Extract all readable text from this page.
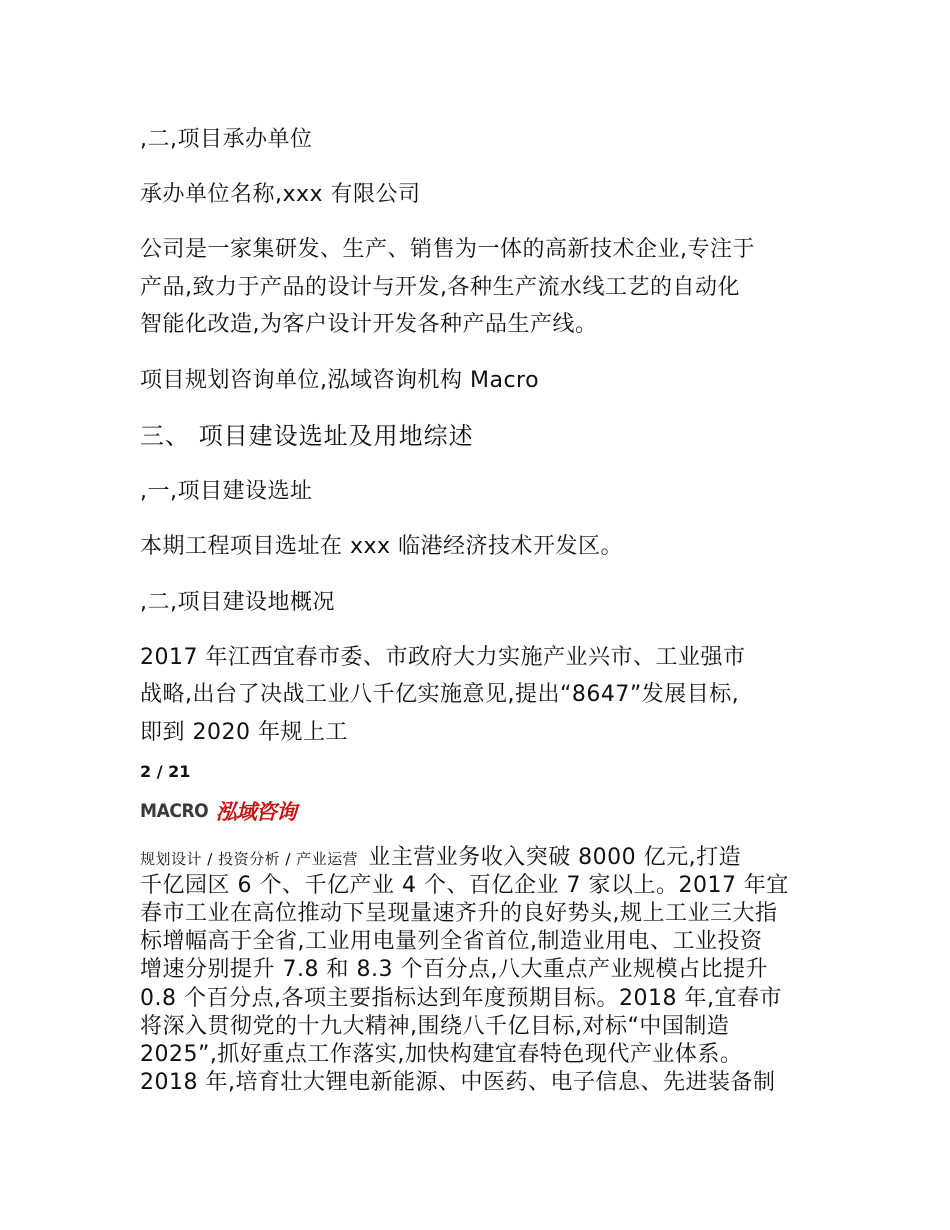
,二,项目承办单位

承办单位名称,xxx 有限公司

公司是一家集研发、生产、销售为一体的高新技术企业,专注于

产品,致力于产品的设计与开发,各种生产流水线工艺的自动化

智能化改造,为客户设计开发各种产品生产线。

项目规划咨询单位,泓域咨询机构 Macro

三、 项目建设选址及用地综述

,一,项目建设选址

本期工程项目选址在 xxx 临港经济技术开发区。

,二,项目建设地概况

2017 年江西宜春市委、市政府大力实施产业兴市、工业强市

战略,出台了决战工业八千亿实施意见,提出“8647”发展目标,

即到 2020 年规上工

2 / 21

MACRO 泓域咨询

规划设计 / 投资分析 / 产业运营 业主营业务收入突破 8000 亿元,打造

千亿园区 6 个、千亿产业 4 个、百亿企业 7 家以上。2017 年宜

春市工业在高位推动下呈现量速齐升的良好势头,规上工业三大指

标增幅高于全省,工业用电量列全省首位,制造业用电、工业投资

增速分别提升 7.8 和 8.3 个百分点,八大重点产业规模占比提升

0.8 个百分点,各项主要指标达到年度预期目标。2018 年,宜春市

将深入贯彻党的十九大精神,围绕八千亿目标,对标“中国制造

2025”,抓好重点工作落实,加快构建宜春特色现代产业体系。

2018 年,培育壮大锂电新能源、中医药、电子信息、先进装备制
